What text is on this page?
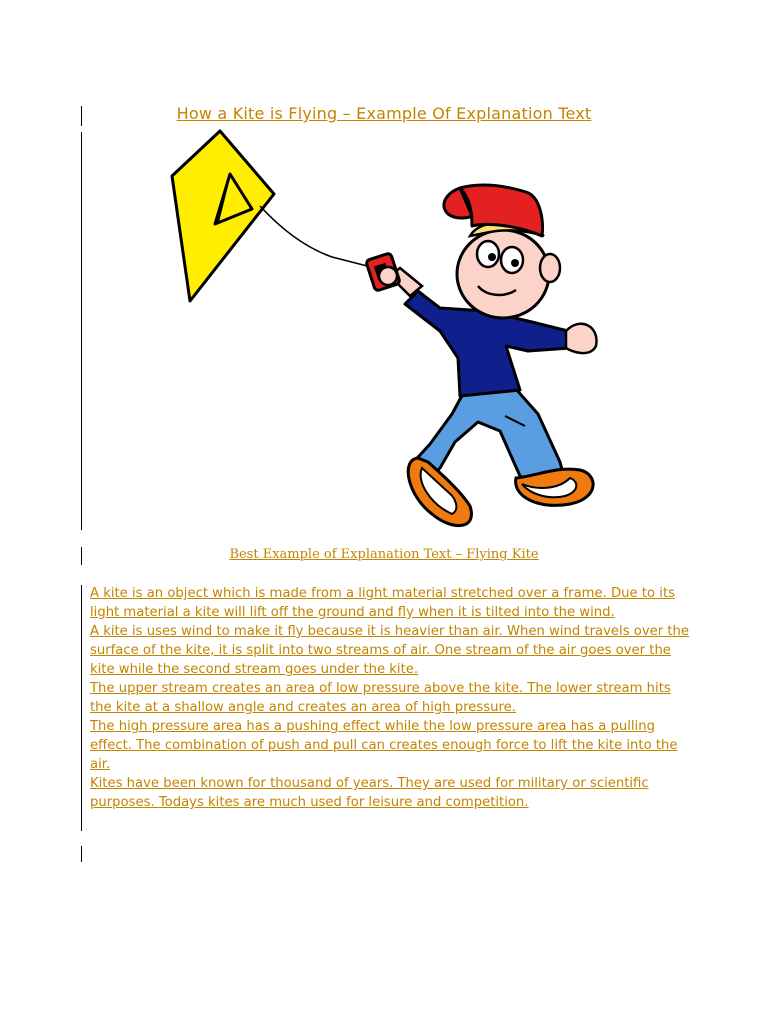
How a Kite is Flying – Example Of Explanation Text

Best Example of Explanation Text – Flying Kite

A kite is an object which is made from a light material stretched over a frame. Due to its light material a kite will lift off the ground and fly when it is tilted into the wind.

A kite is uses wind to make it fly because it is heavier than air. When wind travels over the surface of the kite, it is split into two streams of air. One stream of the air goes over the kite while the second stream goes under the kite.

The upper stream creates an area of low pressure above the kite. The lower stream hits the kite at a shallow angle and creates an area of high pressure.

The high pressure area has a pushing effect while the low pressure area has a pulling effect. The combination of push and pull can creates enough force to lift the kite into the air.

Kites have been known for thousand of years. They are used for military or scientific purposes. Todays kites are much used for leisure and competition.
